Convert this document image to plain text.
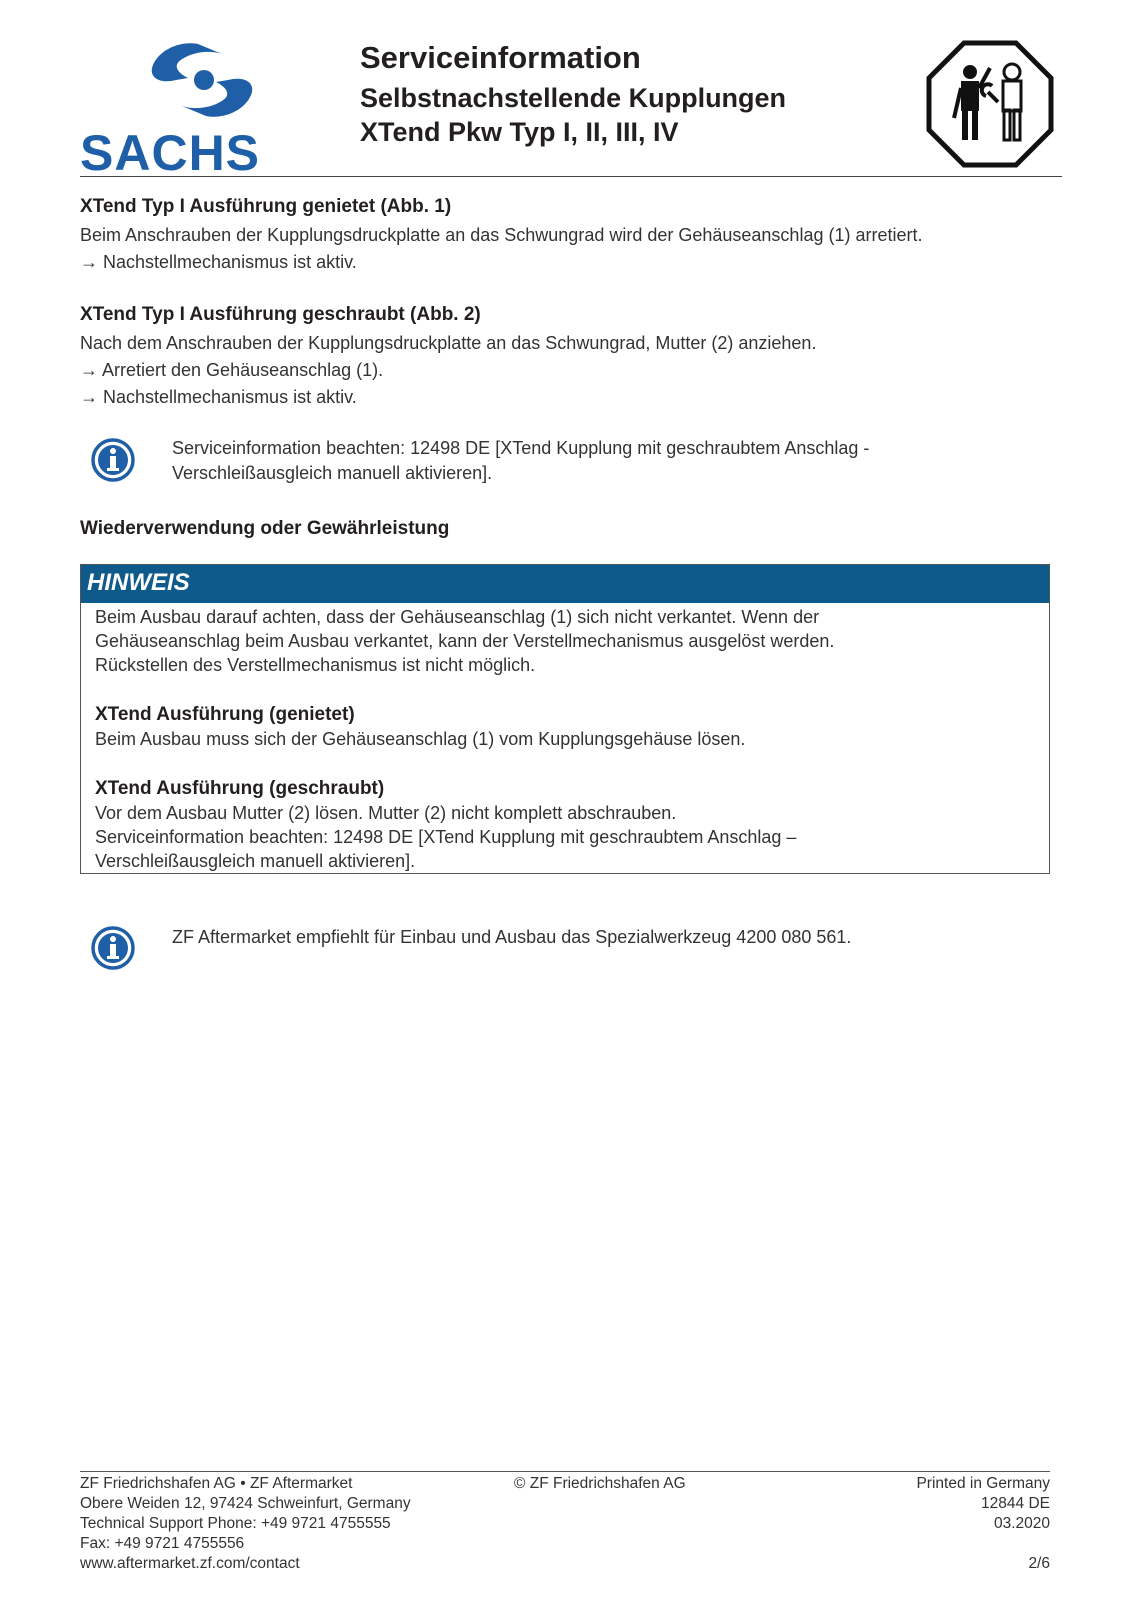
SACHS
Serviceinformation
Selbstnachstellende Kupplungen
XTend Pkw Typ I, II, III, IV
XTend Typ I Ausführung genietet (Abb. 1)
Beim Anschrauben der Kupplungsdruckplatte an das Schwungrad wird der Gehäuseanschlag (1) arretiert.
→ Nachstellmechanismus ist aktiv.
XTend Typ I Ausführung geschraubt (Abb. 2)
Nach dem Anschrauben der Kupplungsdruckplatte an das Schwungrad, Mutter (2) anziehen.
→ Arretiert den Gehäuseanschlag (1).
→ Nachstellmechanismus ist aktiv.
Serviceinformation beachten: 12498 DE [XTend Kupplung mit geschraubtem Anschlag -
Verschleißausgleich manuell aktivieren].
Wiederverwendung oder Gewährleistung
HINWEIS
Beim Ausbau darauf achten, dass der Gehäuseanschlag (1) sich nicht verkantet. Wenn der
Gehäuseanschlag beim Ausbau verkantet, kann der Verstellmechanismus ausgelöst werden.
Rückstellen des Verstellmechanismus ist nicht möglich.
XTend Ausführung (genietet)
Beim Ausbau muss sich der Gehäuseanschlag (1) vom Kupplungsgehäuse lösen.
XTend Ausführung (geschraubt)
Vor dem Ausbau Mutter (2) lösen. Mutter (2) nicht komplett abschrauben.
Serviceinformation beachten: 12498 DE [XTend Kupplung mit geschraubtem Anschlag –
Verschleißausgleich manuell aktivieren].
ZF Aftermarket empfiehlt für Einbau und Ausbau das Spezialwerkzeug 4200 080 561.
ZF Friedrichshafen AG • ZF Aftermarket
Obere Weiden 12, 97424 Schweinfurt, Germany
Technical Support Phone: +49 9721 4755555
Fax: +49 9721 4755556
www.aftermarket.zf.com/contact
© ZF Friedrichshafen AG	Printed in Germany
12844 DE
03.2020

2/6
